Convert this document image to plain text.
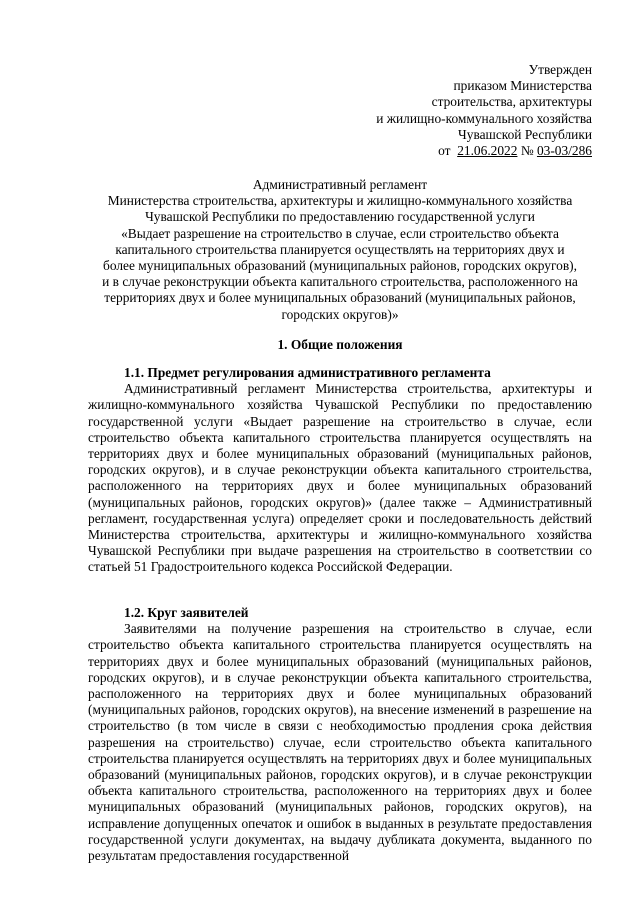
Утвержден
приказом Министерства
строительства, архитектуры
и жилищно-коммунального хозяйства
Чувашской Республики
от 21.06.2022 № 03-03/286
Административный регламент
Министерства строительства, архитектуры и жилищно-коммунального хозяйства
Чувашской Республики по предоставлению государственной услуги
«Выдает разрешение на строительство в случае, если строительство объекта
капитального строительства планируется осуществлять на территориях двух и
более муниципальных образований (муниципальных районов, городских округов),
и в случае реконструкции объекта капитального строительства, расположенного на
территориях двух и более муниципальных образований (муниципальных районов,
городских округов)»
1. Общие положения
1.1. Предмет регулирования административного регламента

Административный регламент Министерства строительства, архитектуры и жилищно-коммунального хозяйства Чувашской Республики по предоставлению государственной услуги «Выдает разрешение на строительство в случае, если строительство объекта капитального строительства планируется осуществлять на территориях двух и более муниципальных образований (муниципальных районов, городских округов), и в случае реконструкции объекта капитального строительства, расположенного на территориях двух и более муниципальных образований (муниципальных районов, городских округов)» (далее также – Административный регламент, государственная услуга) определяет сроки и последовательность действий Министерства строительства, архитектуры и жилищно-коммунального хозяйства Чувашской Республики при выдаче разрешения на строительство в соответствии со статьей 51 Градостроительного кодекса Российской Федерации.

1.2. Круг заявителей

Заявителями на получение разрешения на строительство в случае, если строительство объекта капитального строительства планируется осуществлять на территориях двух и более муниципальных образований (муниципальных районов, городских округов), и в случае реконструкции объекта капитального строительства, расположенного на территориях двух и более муниципальных образований (муниципальных районов, городских округов), на внесение изменений в разрешение на строительство (в том числе в связи с необходимостью продления срока действия разрешения на строительство) случае, если строительство объекта капитального строительства планируется осуществлять на территориях двух и более муниципальных образований (муниципальных районов, городских округов), и в случае реконструкции объекта капитального строительства, расположенного на территориях двух и более муниципальных образований (муниципальных районов, городских округов), на исправление допущенных опечаток и ошибок в выданных в результате предоставления государственной услуги документах, на выдачу дубликата документа, выданного по результатам предоставления государственной
